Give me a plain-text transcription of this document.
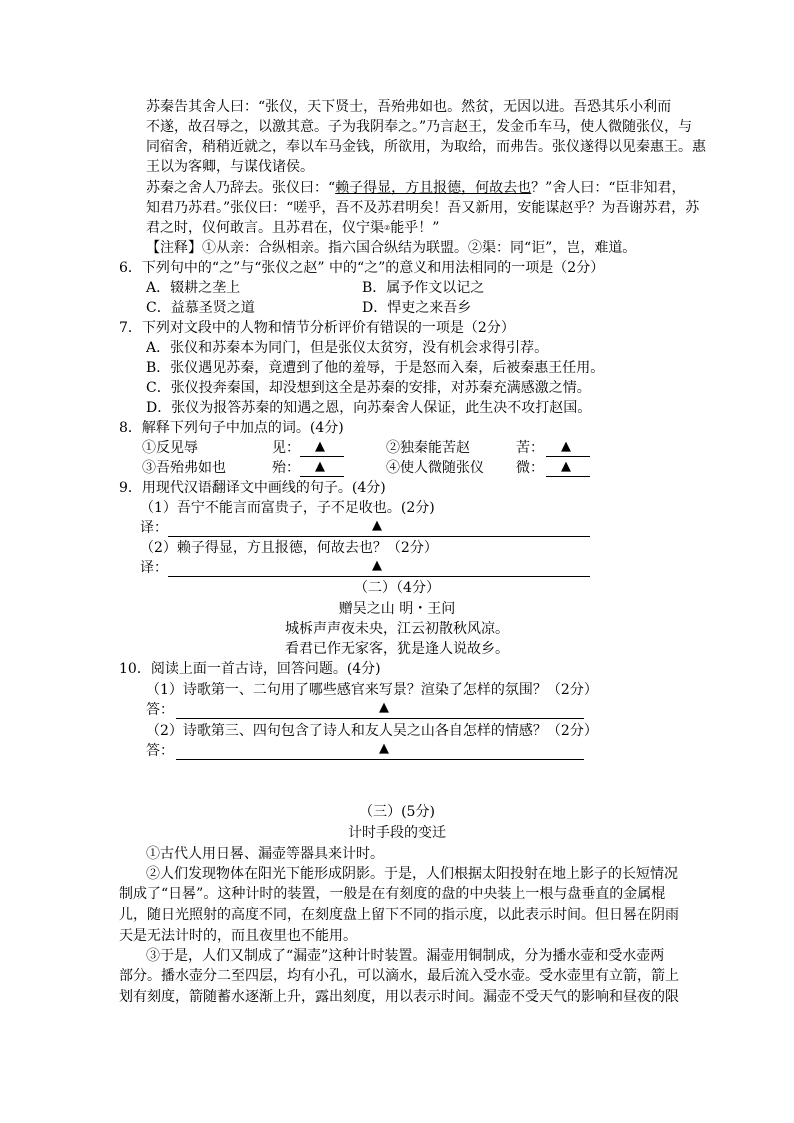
苏秦告其舍人曰：“张仪，天下贤士，吾殆弗如也。然贫，无因以进。吾恐其乐小利而
不遂，故召辱之，以激其意。子为我阴奉之。”乃言赵王，发金币车马，使人微随张仪，与
同宿舍，稍稍近就之，奉以车马金钱，所欲用，为取给，而弗告。张仪遂得以见秦惠王。惠
王以为客卿，与谋伐诸侯。
苏秦之舍人乃辞去。张仪曰：“赖子得显，方且报德，何故去也？”舍人曰：“臣非知君，
知君乃苏君。”张仪曰：“嗟乎，吾不及苏君明矣！吾又新用，安能谋赵乎？为吾谢苏君，苏
君之时，仪何敢言。且苏君在，仪宁渠②能乎！”
【注释】①从亲：合纵相亲。指六国合纵结为联盟。②渠：同“讵”，岂，难道。
6．下列句中的“之”与“张仪之赵” 中的“之”的意义和用法相同的一项是（2分）
A．辍耕之垄上	B．属予作文以记之
C．益慕圣贤之道	D．悍吏之来吾乡
7．下列对文段中的人物和情节分析评价有错误的一项是（2分）
A．张仪和苏秦本为同门，但是张仪太贫穷，没有机会求得引荐。
B．张仪遇见苏秦，竟遭到了他的羞辱，于是怒而入秦，后被秦惠王任用。
C．张仪投奔秦国，却没想到这全是苏秦的安排，对苏秦充满感激之情。
D．张仪为报答苏秦的知遇之恩，向苏秦舍人保证，此生决不攻打赵国。
8．解释下列句子中加点的词。(4分)
①反见辱	见： ▲	②独秦能苦赵	苦： ▲
③吾殆弗如也	殆： ▲	④使人微随张仪 微： ▲
9．用现代汉语翻译文中画线的句子。(4分)
（1）吾宁不能言而富贵子，子不足收也。(2分)
译：	▲
（2）赖子得显，方且报德，何故去也？（2分）
译：	▲
（二）（4分）
赠吴之山 明・王问
城柝声声夜未央，江云初散秋风凉。
看君已作无家客，犹是逢人说故乡。
10．阅读上面一首古诗，回答问题。(4分)
（1）诗歌第一、二句用了哪些感官来写景？渲染了怎样的氛围？（2分）
答：	▲
（2）诗歌第三、四句包含了诗人和友人吴之山各自怎样的情感？（2分）
答：	▲
（三）(5分)
计时手段的变迁
①古代人用日晷、漏壶等器具来计时。
②人们发现物体在阳光下能形成阴影。于是，人们根据太阳投射在地上影子的长短情况
制成了“日晷”。这种计时的装置，一般是在有刻度的盘的中央装上一根与盘垂直的金属棍
儿，随日光照射的高度不同，在刻度盘上留下不同的指示度，以此表示时间。但日晷在阴雨
天是无法计时的，而且夜里也不能用。
③于是，人们又制成了“漏壶”这种计时装置。漏壶用铜制成，分为播水壶和受水壶两
部分。播水壶分二至四层，均有小孔，可以滴水，最后流入受水壶。受水壶里有立箭，箭上
划有刻度，箭随蓄水逐渐上升，露出刻度，用以表示时间。漏壶不受天气的影响和昼夜的限
